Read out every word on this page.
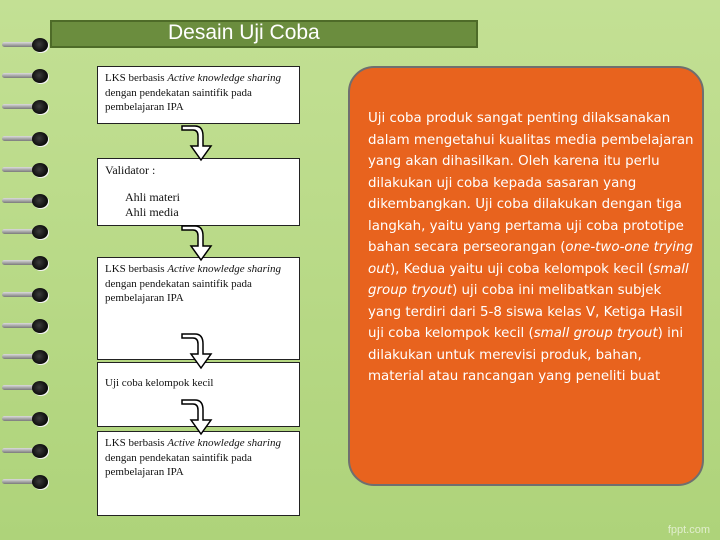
Desain Uji Coba
LKS berbasis Active knowledge sharing dengan pendekatan saintifik pada pembelajaran IPA
Validator :
Ahli materi
Ahli media
LKS berbasis Active knowledge sharing dengan pendekatan saintifik pada pembelajaran IPA
Uji coba kelompok kecil
LKS berbasis Active knowledge sharing dengan pendekatan saintifik pada pembelajaran IPA
Uji coba produk sangat penting dilaksanakan dalam mengetahui kualitas media pembelajaran yang akan dihasilkan. Oleh karena itu perlu dilakukan uji coba kepada sasaran yang dikembangkan. Uji coba dilakukan dengan tiga langkah, yaitu yang pertama uji coba prototipe bahan secara perseorangan (one-two-one trying out), Kedua yaitu uji coba kelompok kecil (small group tryout) uji coba ini melibatkan subjek yang terdiri dari 5-8 siswa kelas V, Ketiga Hasil uji coba kelompok kecil (small group tryout) ini dilakukan untuk merevisi produk, bahan, material atau rancangan yang peneliti buat
fppt.com
